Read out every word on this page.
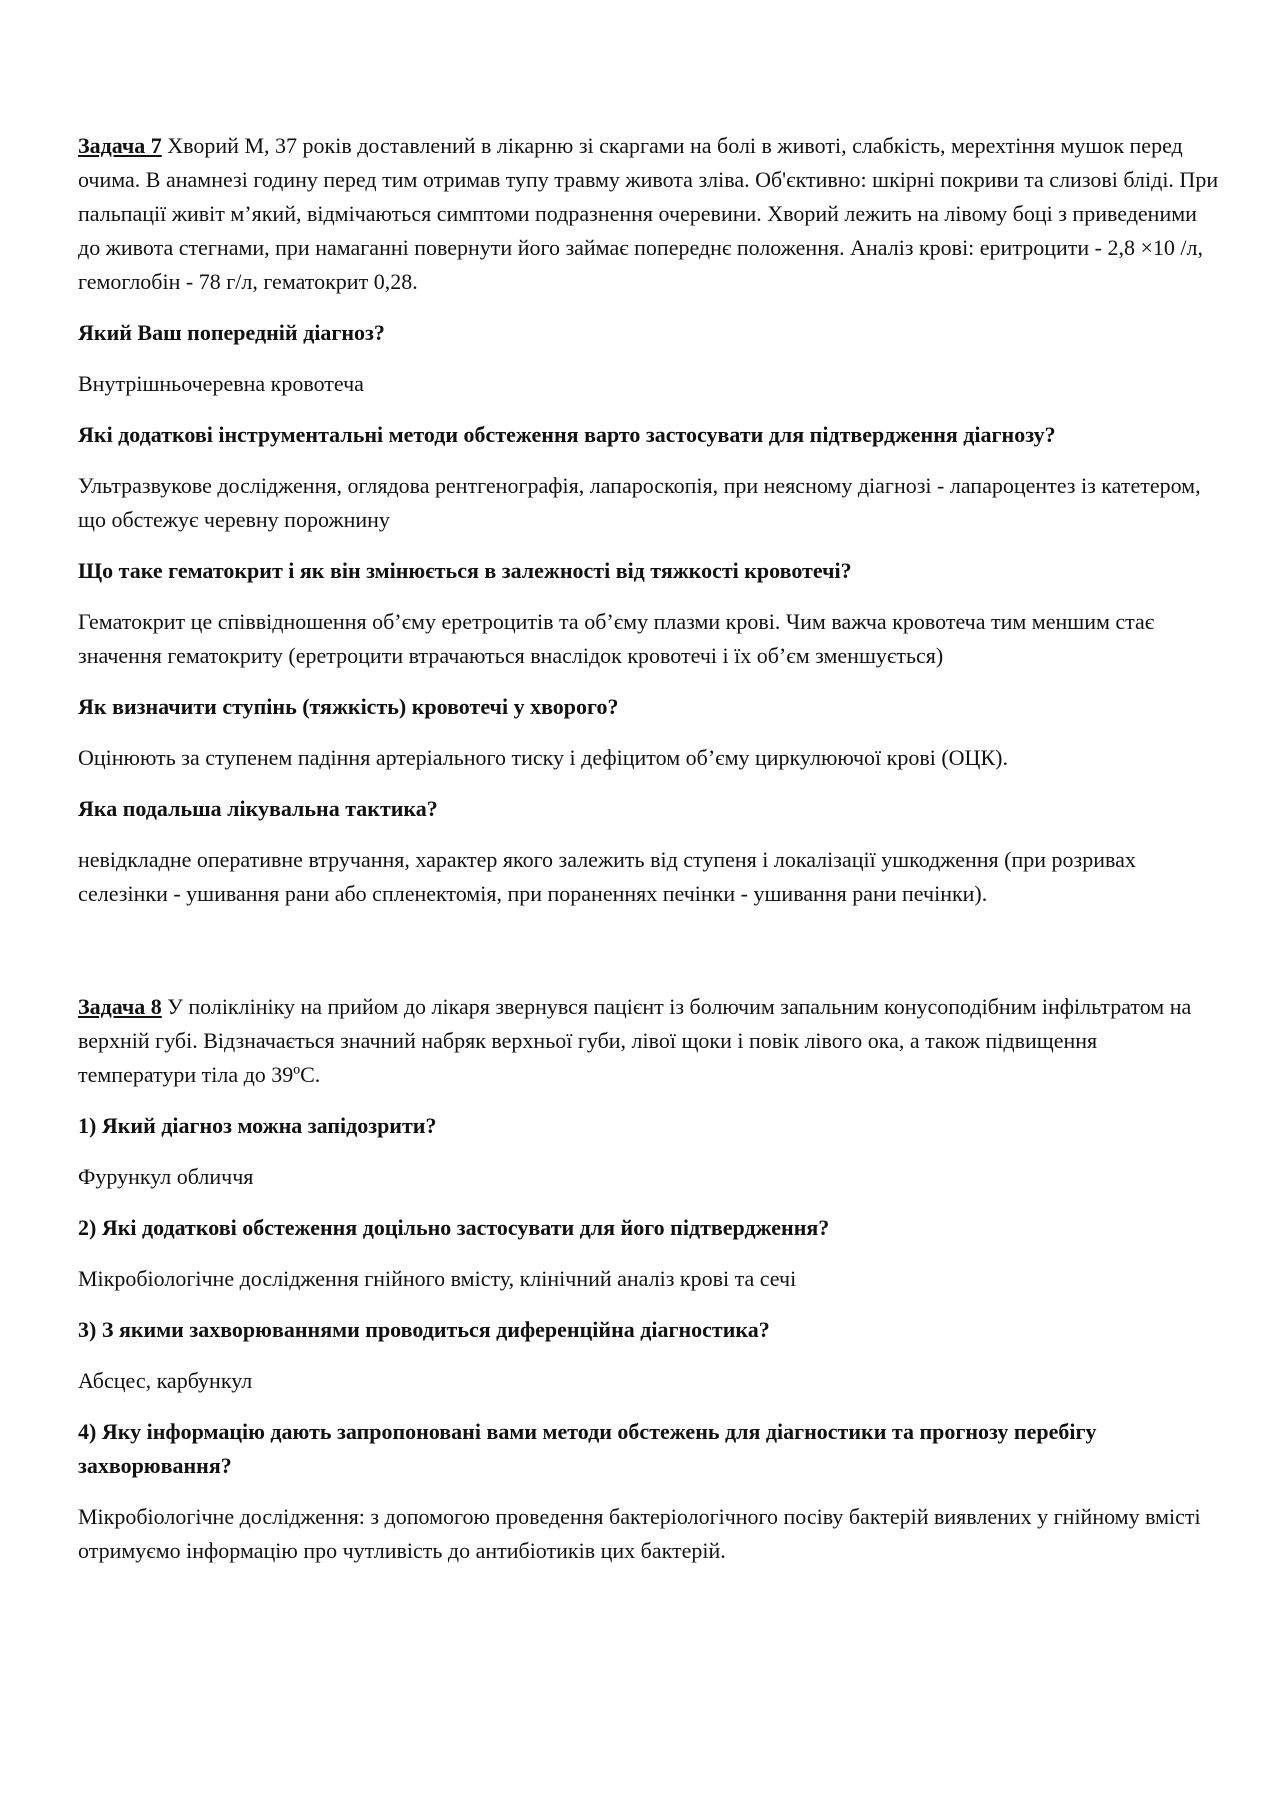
Задача 7 Хворий М, 37 років доставлений в лікарню зі скаргами на болі в животі, слабкість, мерехтіння мушок перед очима. В анамнезі годину перед тим отримав тупу травму живота зліва. Об'єктивно: шкірні покриви та слизові бліді. При пальпації живіт м’який, відмічаються симптоми подразнення очеревини. Хворий лежить на лівому боці з приведеними до живота стегнами, при намаганні повернути його займає попереднє положення. Аналіз крові: еритроцити - 2,8 ×10 /л, гемоглобін - 78 г/л, гематокрит 0,28.

Який Ваш попередній діагноз?

Внутрішньочеревна кровотеча

Які додаткові інструментальні методи обстеження варто застосувати для підтвердження діагнозу?

Ультразвукове дослідження, оглядова рентгенографія, лапароскопія, при неясному діагнозі - лапароцентез із катетером, що обстежує черевну порожнину

Що таке гематокрит і як він змінюється в залежності від тяжкості кровотечі?

Гематокрит це співвідношення об’єму еретроцитів та об’єму плазми крові. Чим важча кровотеча тим меншим стає значення гематокриту (еретроцити втрачаються внаслідок кровотечі і їх об’єм зменшується)

Як визначити ступінь (тяжкість) кровотечі у хворого?

Оцінюють за ступенем падіння артеріального тиску і дефіцитом об’єму циркулюючої крові (ОЦК).

Яка подальша лікувальна тактика?

невідкладне оперативне втручання, характер якого залежить від ступеня і локалізації ушкодження (при розривах селезінки - ушивання рани або спленектомія, при пораненнях печінки - ушивання рани печінки).

Задача 8 У поліклініку на прийом до лікаря звернувся пацієнт із болючим запальним конусоподібним інфільтратом на верхній губі. Відзначається значний набряк верхньої губи, лівої щоки і повік лівого ока, а також підвищення температури тіла до 39ºС.

1) Який діагноз можна запідозрити?

Фурункул обличчя

2) Які додаткові обстеження доцільно застосувати для його підтвердження?

Мікробіологічне дослідження гнійного вмісту, клінічний аналіз крові та сечі

3) З якими захворюваннями проводиться диференційна діагностика?

Абсцес, карбункул

4) Яку інформацію дають запропоновані вами методи обстежень для діагностики та прогнозу перебігу захворювання?

Мікробіологічне дослідження: з допомогою проведення бактеріологічного посіву бактерій виявлених у гнійному вмісті отримуємо інформацію про чутливість до антибіотиків цих бактерій.
